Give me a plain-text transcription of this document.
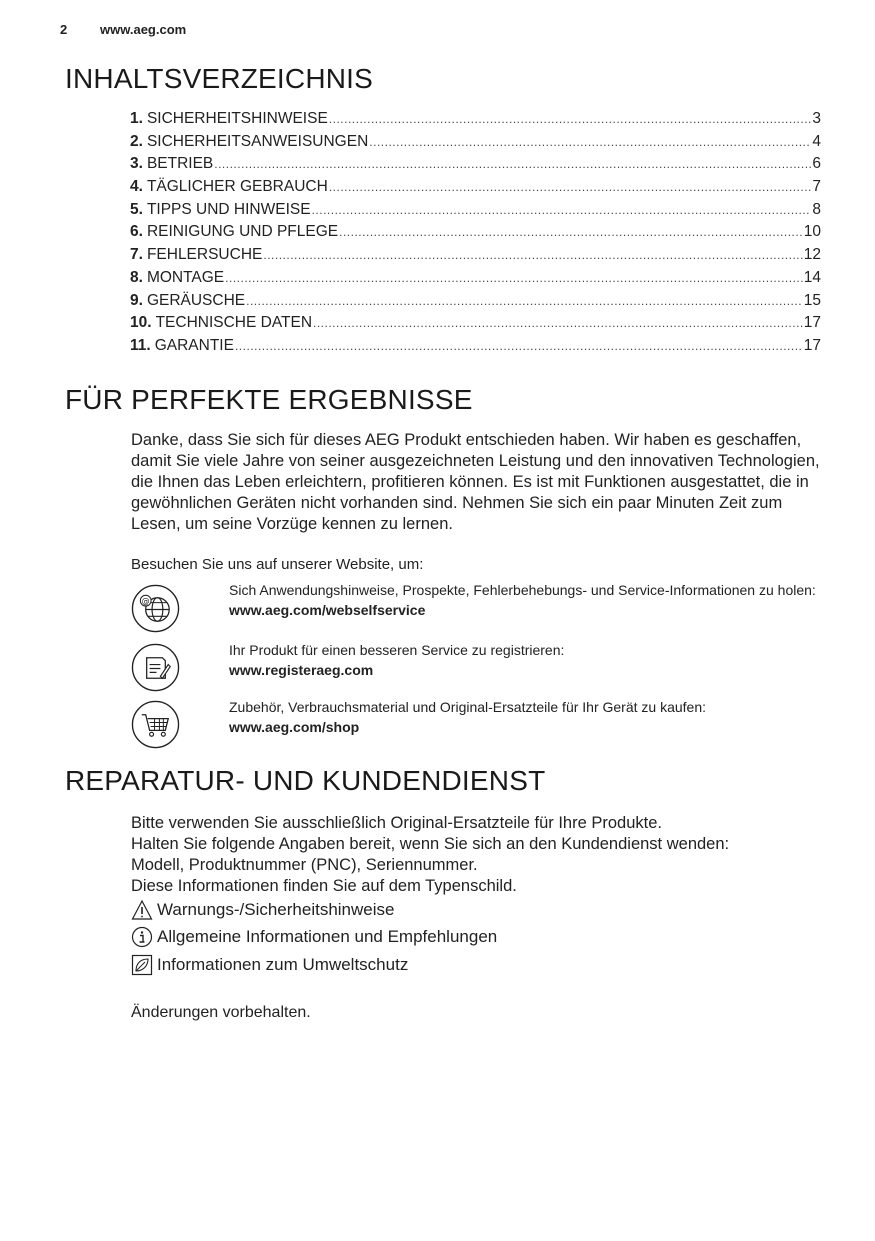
2	www.aeg.com
INHALTSVERZEICHNIS
1. SICHERHEITSHINWEISE .....	3
2. SICHERHEITSANWEISUNGEN .....	4
3. BETRIEB .....	6
4. TÄGLICHER GEBRAUCH .....	7
5. TIPPS UND HINWEISE .....	8
6. REINIGUNG UND PFLEGE .....	10
7. FEHLERSUCHE .....	12
8. MONTAGE .....	14
9. GERÄUSCHE .....	15
10. TECHNISCHE DATEN .....	17
11. GARANTIE .....	17
FÜR PERFEKTE ERGEBNISSE

Danke, dass Sie sich für dieses AEG Produkt entschieden haben. Wir haben es geschaffen, damit Sie viele Jahre von seiner ausgezeichneten Leistung und den innovativen Technologien, die Ihnen das Leben erleichtern, profitieren können. Es ist mit Funktionen ausgestattet, die in gewöhnlichen Geräten nicht vorhanden sind. Nehmen Sie sich ein paar Minuten Zeit zum Lesen, um seine Vorzüge kennen zu lernen.

Besuchen Sie uns auf unserer Website, um:
@

Sich Anwendungshinweise, Prospekte, Fehlerbehebungs- und Service-Informationen zu holen:
www.aeg.com/webselfservice

Ihr Produkt für einen besseren Service zu registrieren:
www.registeraeg.com

Zubehör, Verbrauchsmaterial und Original-Ersatzteile für Ihr Gerät zu kaufen:
www.aeg.com/shop

REPARATUR- UND KUNDENDIENST

Bitte verwenden Sie ausschließlich Original-Ersatzteile für Ihre Produkte.

Halten Sie folgende Angaben bereit, wenn Sie sich an den Kundendienst wenden: Modell, Produktnummer (PNC), Seriennummer.

Diese Informationen finden Sie auf dem Typenschild.

Warnungs-/Sicherheitshinweise
Allgemeine Informationen und Empfehlungen
Informationen zum Umweltschutz
Änderungen vorbehalten.
